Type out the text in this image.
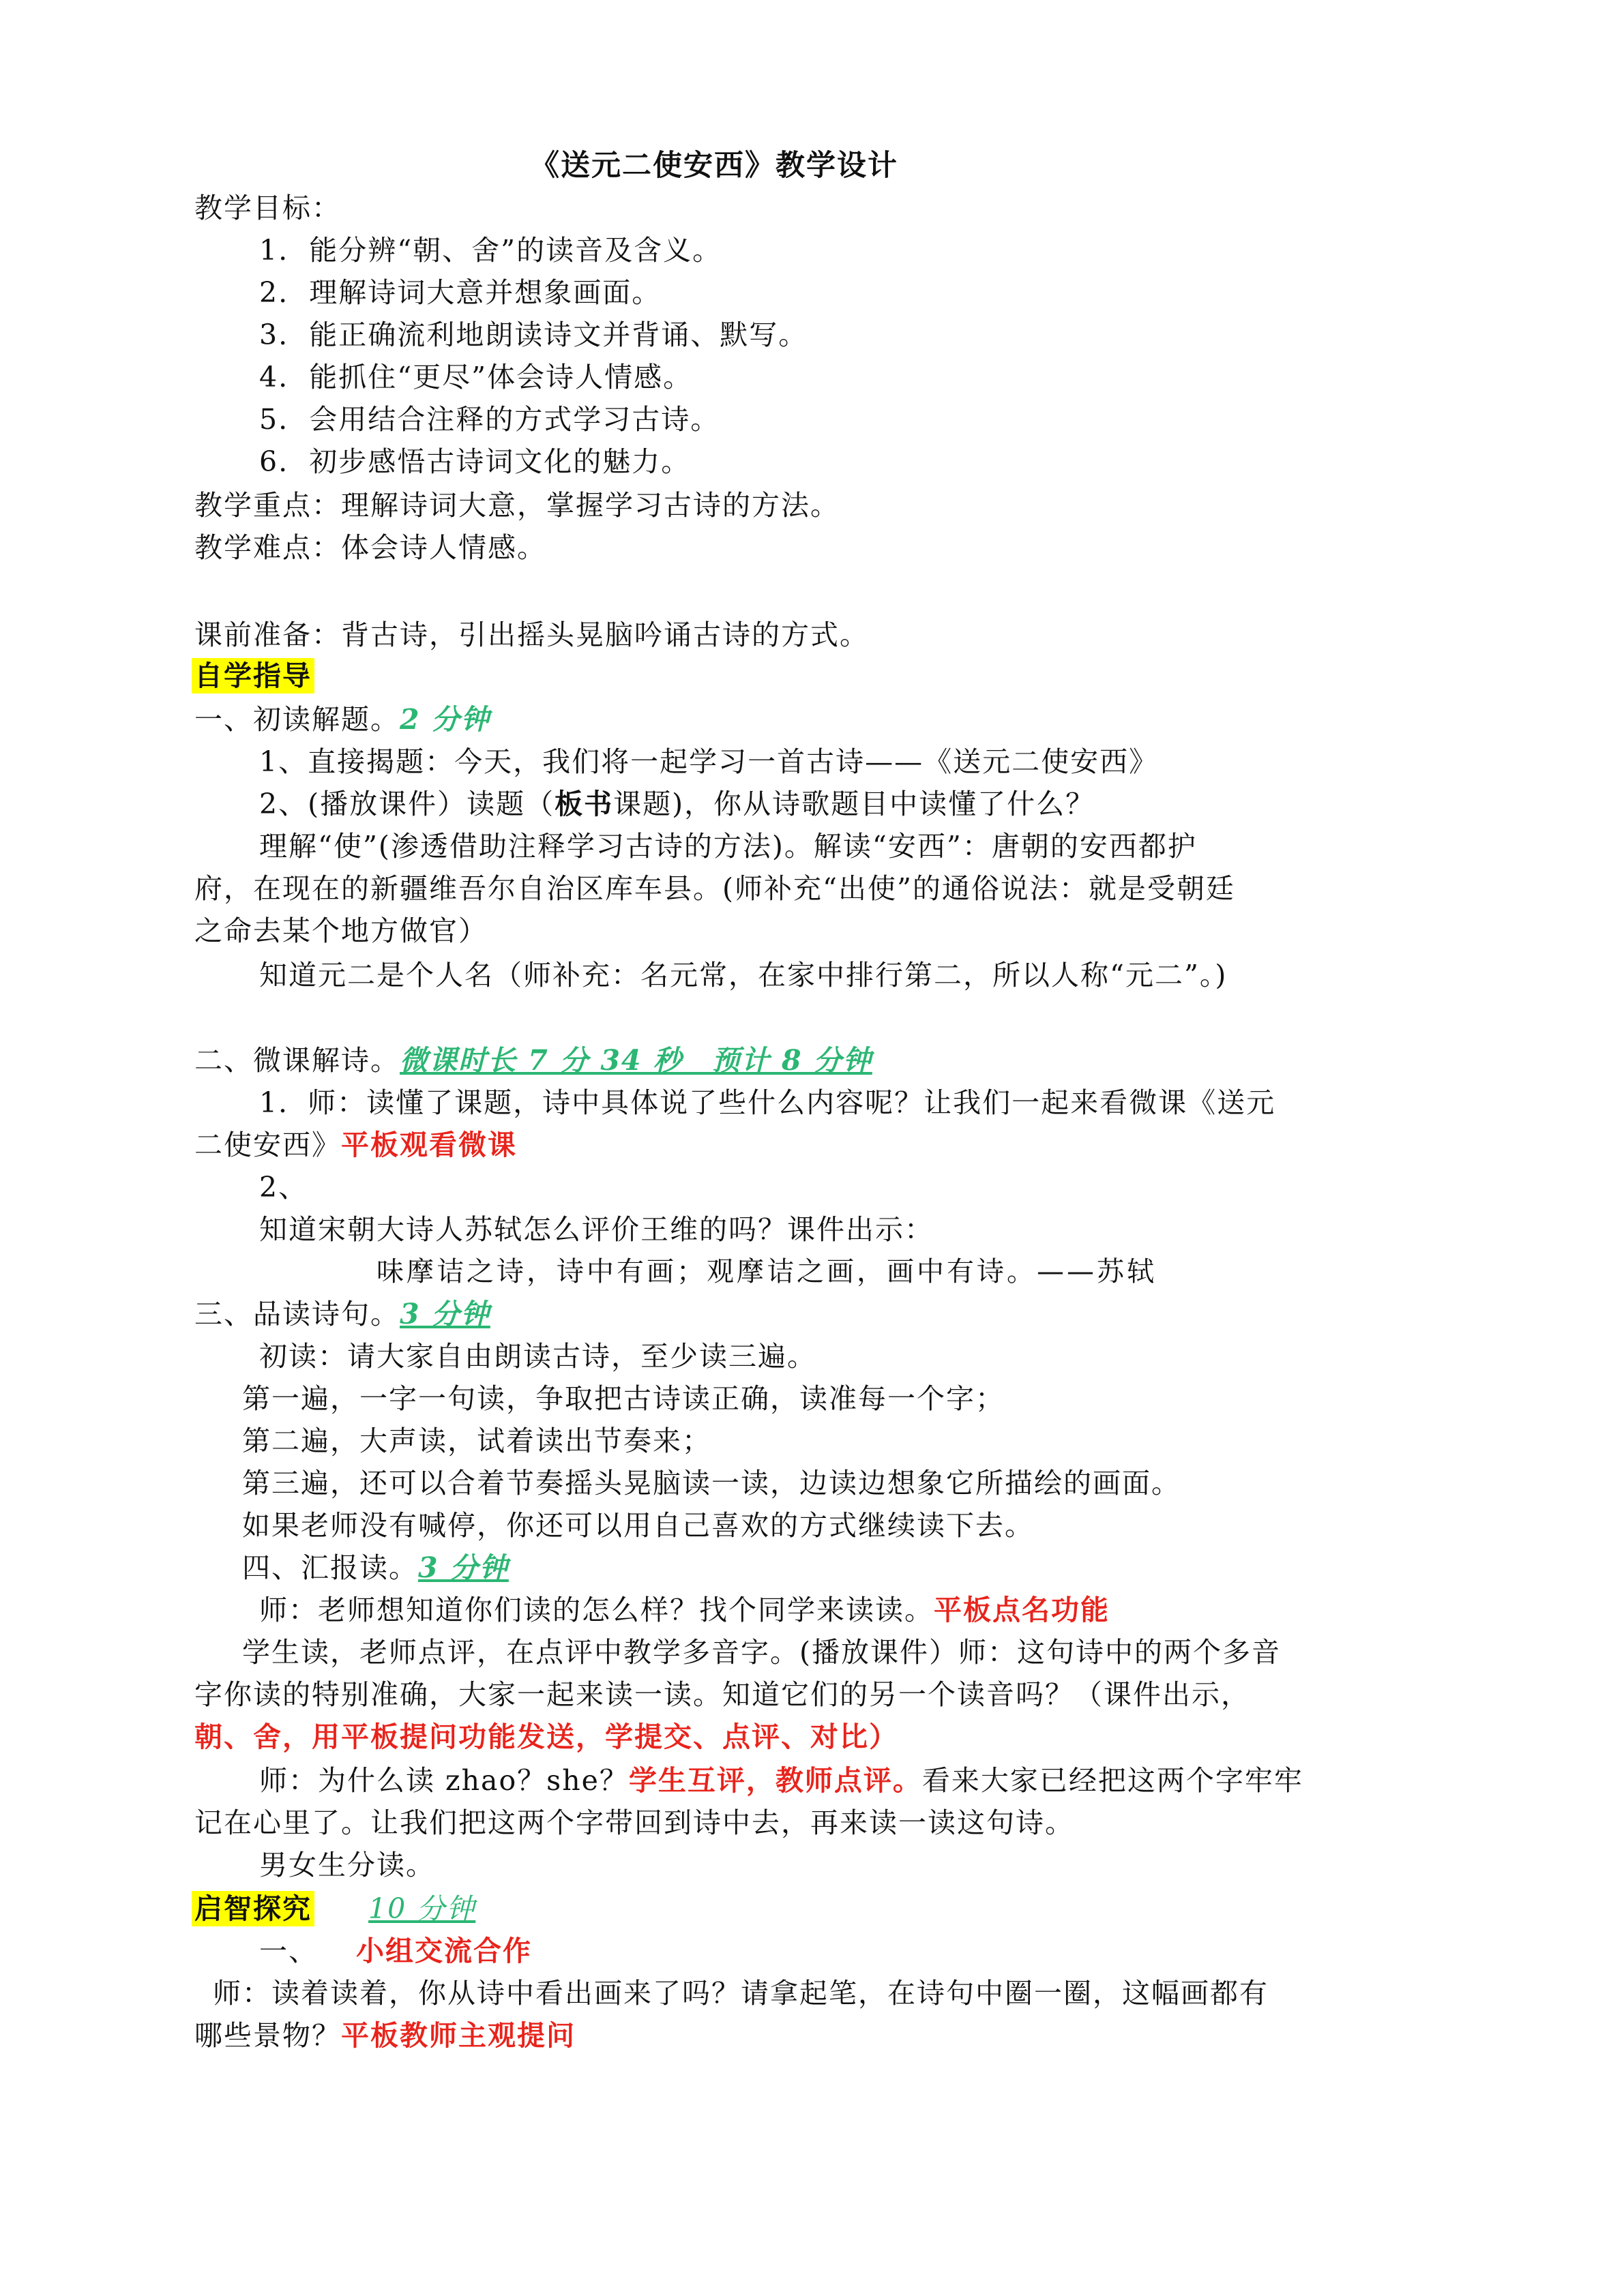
《送元二使安西》教学设计
教学目标：
1. 能分辨“朝、舍”的读音及含义。
2. 理解诗词大意并想象画面。
3. 能正确流利地朗读诗文并背诵、默写。
4. 能抓住“更尽”体会诗人情感。
5. 会用结合注释的方式学习古诗。
6. 初步感悟古诗词文化的魅力。
教学重点：理解诗词大意，掌握学习古诗的方法。
教学难点：体会诗人情感。
课前准备：背古诗，引出摇头晃脑吟诵古诗的方式。
自学指导
一、初读解题。2 分钟
1、直接揭题：今天，我们将一起学习一首古诗——《送元二使安西》
2、(播放课件）读题（板书课题)，你从诗歌题目中读懂了什么？
理解“使”(渗透借助注释学习古诗的方法)。解读“安西”：唐朝的安西都护
府，在现在的新疆维吾尔自治区库车县。(师补充“出使”的通俗说法：就是受朝廷
之命去某个地方做官）
知道元二是个人名（师补充：名元常，在家中排行第二，所以人称“元二”。)
二、微课解诗。微课时长 7 分 34 秒　预计 8 分钟
1．师：读懂了课题，诗中具体说了些什么内容呢？让我们一起来看微课《送元
二使安西》平板观看微课
2、
知道宋朝大诗人苏轼怎么评价王维的吗？课件出示：
味摩诘之诗，诗中有画；观摩诘之画，画中有诗。——苏轼
三、品读诗句。3 分钟
初读：请大家自由朗读古诗，至少读三遍。
第一遍，一字一句读，争取把古诗读正确，读准每一个字；
第二遍，大声读，试着读出节奏来；
第三遍，还可以合着节奏摇头晃脑读一读，边读边想象它所描绘的画面。
如果老师没有喊停，你还可以用自己喜欢的方式继续读下去。
四、汇报读。3 分钟
师：老师想知道你们读的怎么样？找个同学来读读。平板点名功能
学生读，老师点评，在点评中教学多音字。(播放课件）师：这句诗中的两个多音
字你读的特别准确，大家一起来读一读。知道它们的另一个读音吗？（课件出示，
朝、舍，用平板提问功能发送，学提交、点评、对比）
师：为什么读 zhao？she？学生互评，教师点评。看来大家已经把这两个字牢牢
记在心里了。让我们把这两个字带回到诗中去，再来读一读这句诗。
男女生分读。
启智探究 10 分钟
一、 小组交流合作
师：读着读着，你从诗中看出画来了吗？请拿起笔，在诗句中圈一圈，这幅画都有
哪些景物？平板教师主观提问
